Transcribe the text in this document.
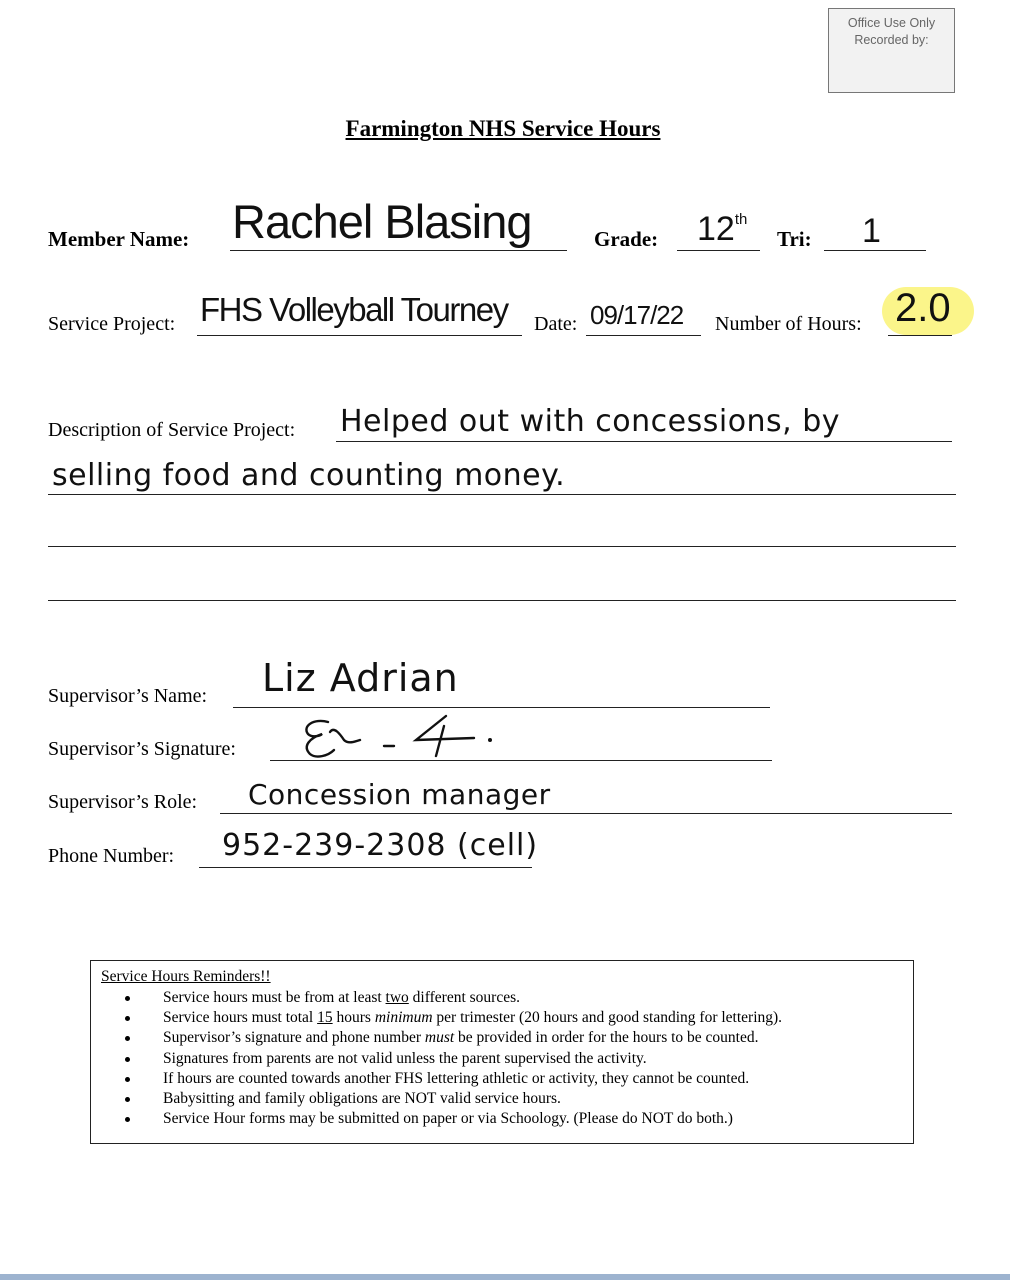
Office Use Only
Recorded by:
Farmington NHS Service Hours
Member Name: Rachel Blasing	Grade: 12th
Tri: 1
Service Project: FHS Volleyball Tourney Date: 09/17/22 Number of Hours: 2.0
Description of Service Project: Helped out with concessions, by
selling food and counting money.
Supervisor’s Name: Liz Adrian
Supervisor’s Signature:
Supervisor’s Role: Concession manager
Phone Number: 952-239-2308 (cell)
Service Hours Reminders!!
Service hours must be from at least two different sources.
Service hours must total 15 hours minimum per trimester (20 hours and good standing for lettering).
Supervisor’s signature and phone number must be provided in order for the hours to be counted.
Signatures from parents are not valid unless the parent supervised the activity.
If hours are counted towards another FHS lettering athletic or activity, they cannot be counted.
Babysitting and family obligations are NOT valid service hours.
Service Hour forms may be submitted on paper or via Schoology. (Please do NOT do both.)
